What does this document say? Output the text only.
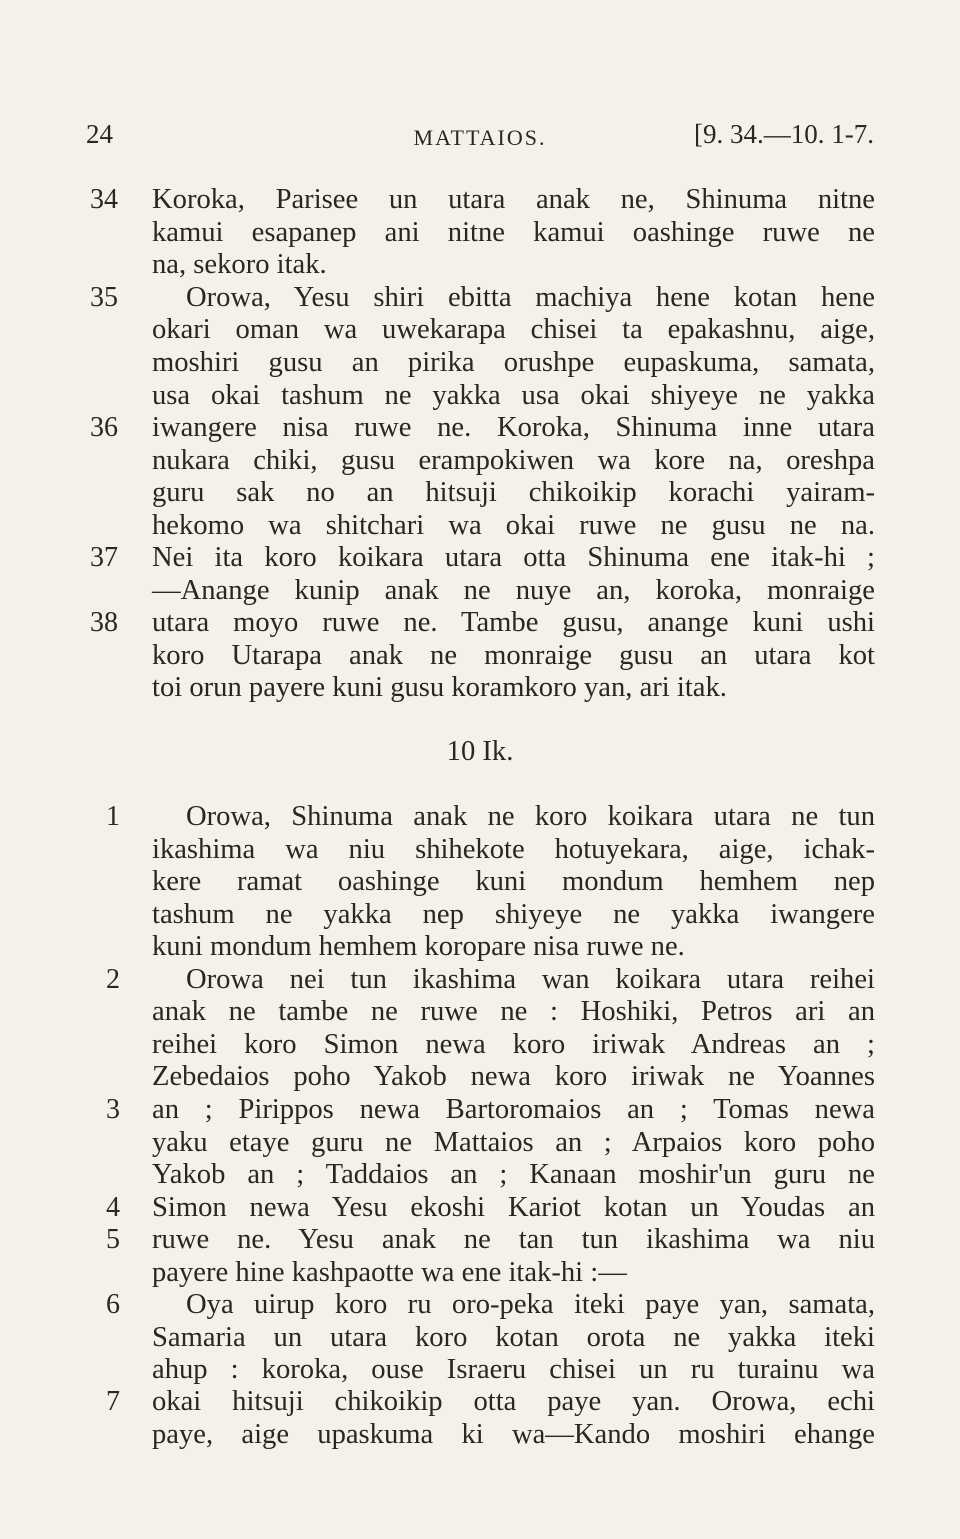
24	MATTAIOS.	[9. 34.—10. 1-7.
34
35
36
37
38
Koroka, Parisee un utara anak ne, Shinuma nitne
kamui esapanep ani nitne kamui oashinge ruwe ne
na, sekoro itak.
Orowa, Yesu shiri ebitta machiya hene kotan hene
okari oman wa uwekarapa chisei ta epakashnu, aige,
moshiri gusu an pirika orushpe eupaskuma, samata,
usa okai tashum ne yakka usa okai shiyeye ne yakka
iwangere nisa ruwe ne. Koroka, Shinuma inne utara
nukara chiki, gusu erampokiwen wa kore na, oreshpa
guru sak no an hitsuji chikoikip korachi yairam-
hekomo wa shitchari wa okai ruwe ne gusu ne na.
Nei ita koro koikara utara otta Shinuma ene itak-hi ;
—Anange kunip anak ne nuye an, koroka, monraige
utara moyo ruwe ne. Tambe gusu, anange kuni ushi
koro Utarapa anak ne monraige gusu an utara kot
toi orun payere kuni gusu koramkoro yan, ari itak.
10 Ik.
1
2
3
4
5
6
7
Orowa, Shinuma anak ne koro koikara utara ne tun
ikashima wa niu shihekote hotuyekara, aige, ichak-
kere ramat oashinge kuni mondum hemhem nep
tashum ne yakka nep shiyeye ne yakka iwangere
kuni mondum hemhem koropare nisa ruwe ne.
Orowa nei tun ikashima wan koikara utara reihei
anak ne tambe ne ruwe ne : Hoshiki, Petros ari an
reihei koro Simon newa koro iriwak Andreas an ;
Zebedaios poho Yakob newa koro iriwak ne Yoannes
an ; Pirippos newa Bartoromaios an ; Tomas newa
yaku etaye guru ne Mattaios an ; Arpaios koro poho
Yakob an ; Taddaios an ; Kanaan moshir'un guru ne
Simon newa Yesu ekoshi Kariot kotan un Youdas an
ruwe ne. Yesu anak ne tan tun ikashima wa niu
payere hine kashpaotte wa ene itak-hi :—
Oya uirup koro ru oro-peka iteki paye yan, samata,
Samaria un utara koro kotan orota ne yakka iteki
ahup : koroka, ouse Israeru chisei un ru turainu wa
okai hitsuji chikoikip otta paye yan. Orowa, echi
paye, aige upaskuma ki wa—Kando moshiri ehange
